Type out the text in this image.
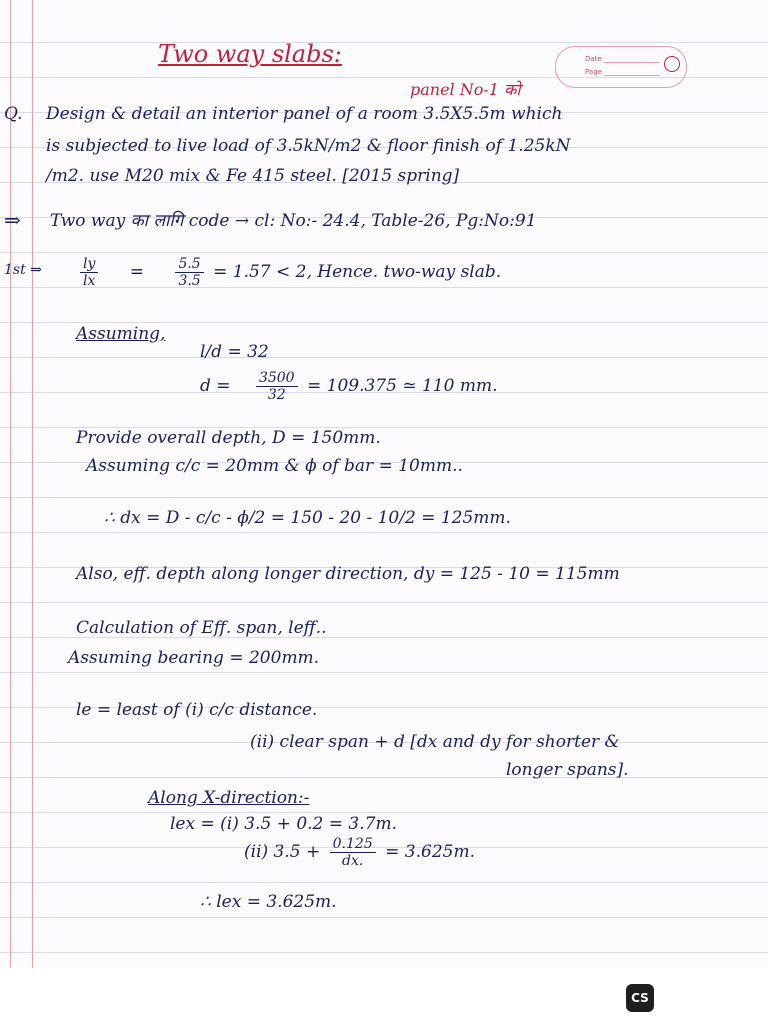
Two way slabs:	Date
Page
panel No-1 को
Q. Design & detail an interior panel of a room 3.5X5.5m which
is subjected to live load of 3.5kN/m2 & floor finish of 1.25kN
/m2. use M20 mix & Fe 415 steel. [2015 spring]
⇒ Two way का लागि code → cl: No:- 24.4, Table-26, Pg:No:91
1st ⇒	$\frac{ly}{lx} = \frac{5.5}{3.5} = 1.57 < 2$, Hence. two-way slab.
Assuming,
l/d = 32
$d = \frac{3500}{32} = 109.375$ ≃ 110 mm.
Provide overall depth, D = 150mm.
Assuming c/c = 20mm & ϕ of bar = 10mm..
∴ dx = D - c/c - ϕ/2 = 150 - 20 - 10/2 = 125mm.
Also, eff. depth along longer direction, dy = 125 - 10 = 115mm
Calculation of Eff. span, leff..
Assuming bearing = 200mm.
le = least of (i) c/c distance.
(ii) clear span + d [dx and dy for shorter &
longer spans].
Along X-direction:-
lex = (i) 3.5 + 0.2 = 3.7m.
(ii) $3.5 + \frac{0.125}{dx.} = 3.625m$.
∴ lex = 3.625m.
CS
